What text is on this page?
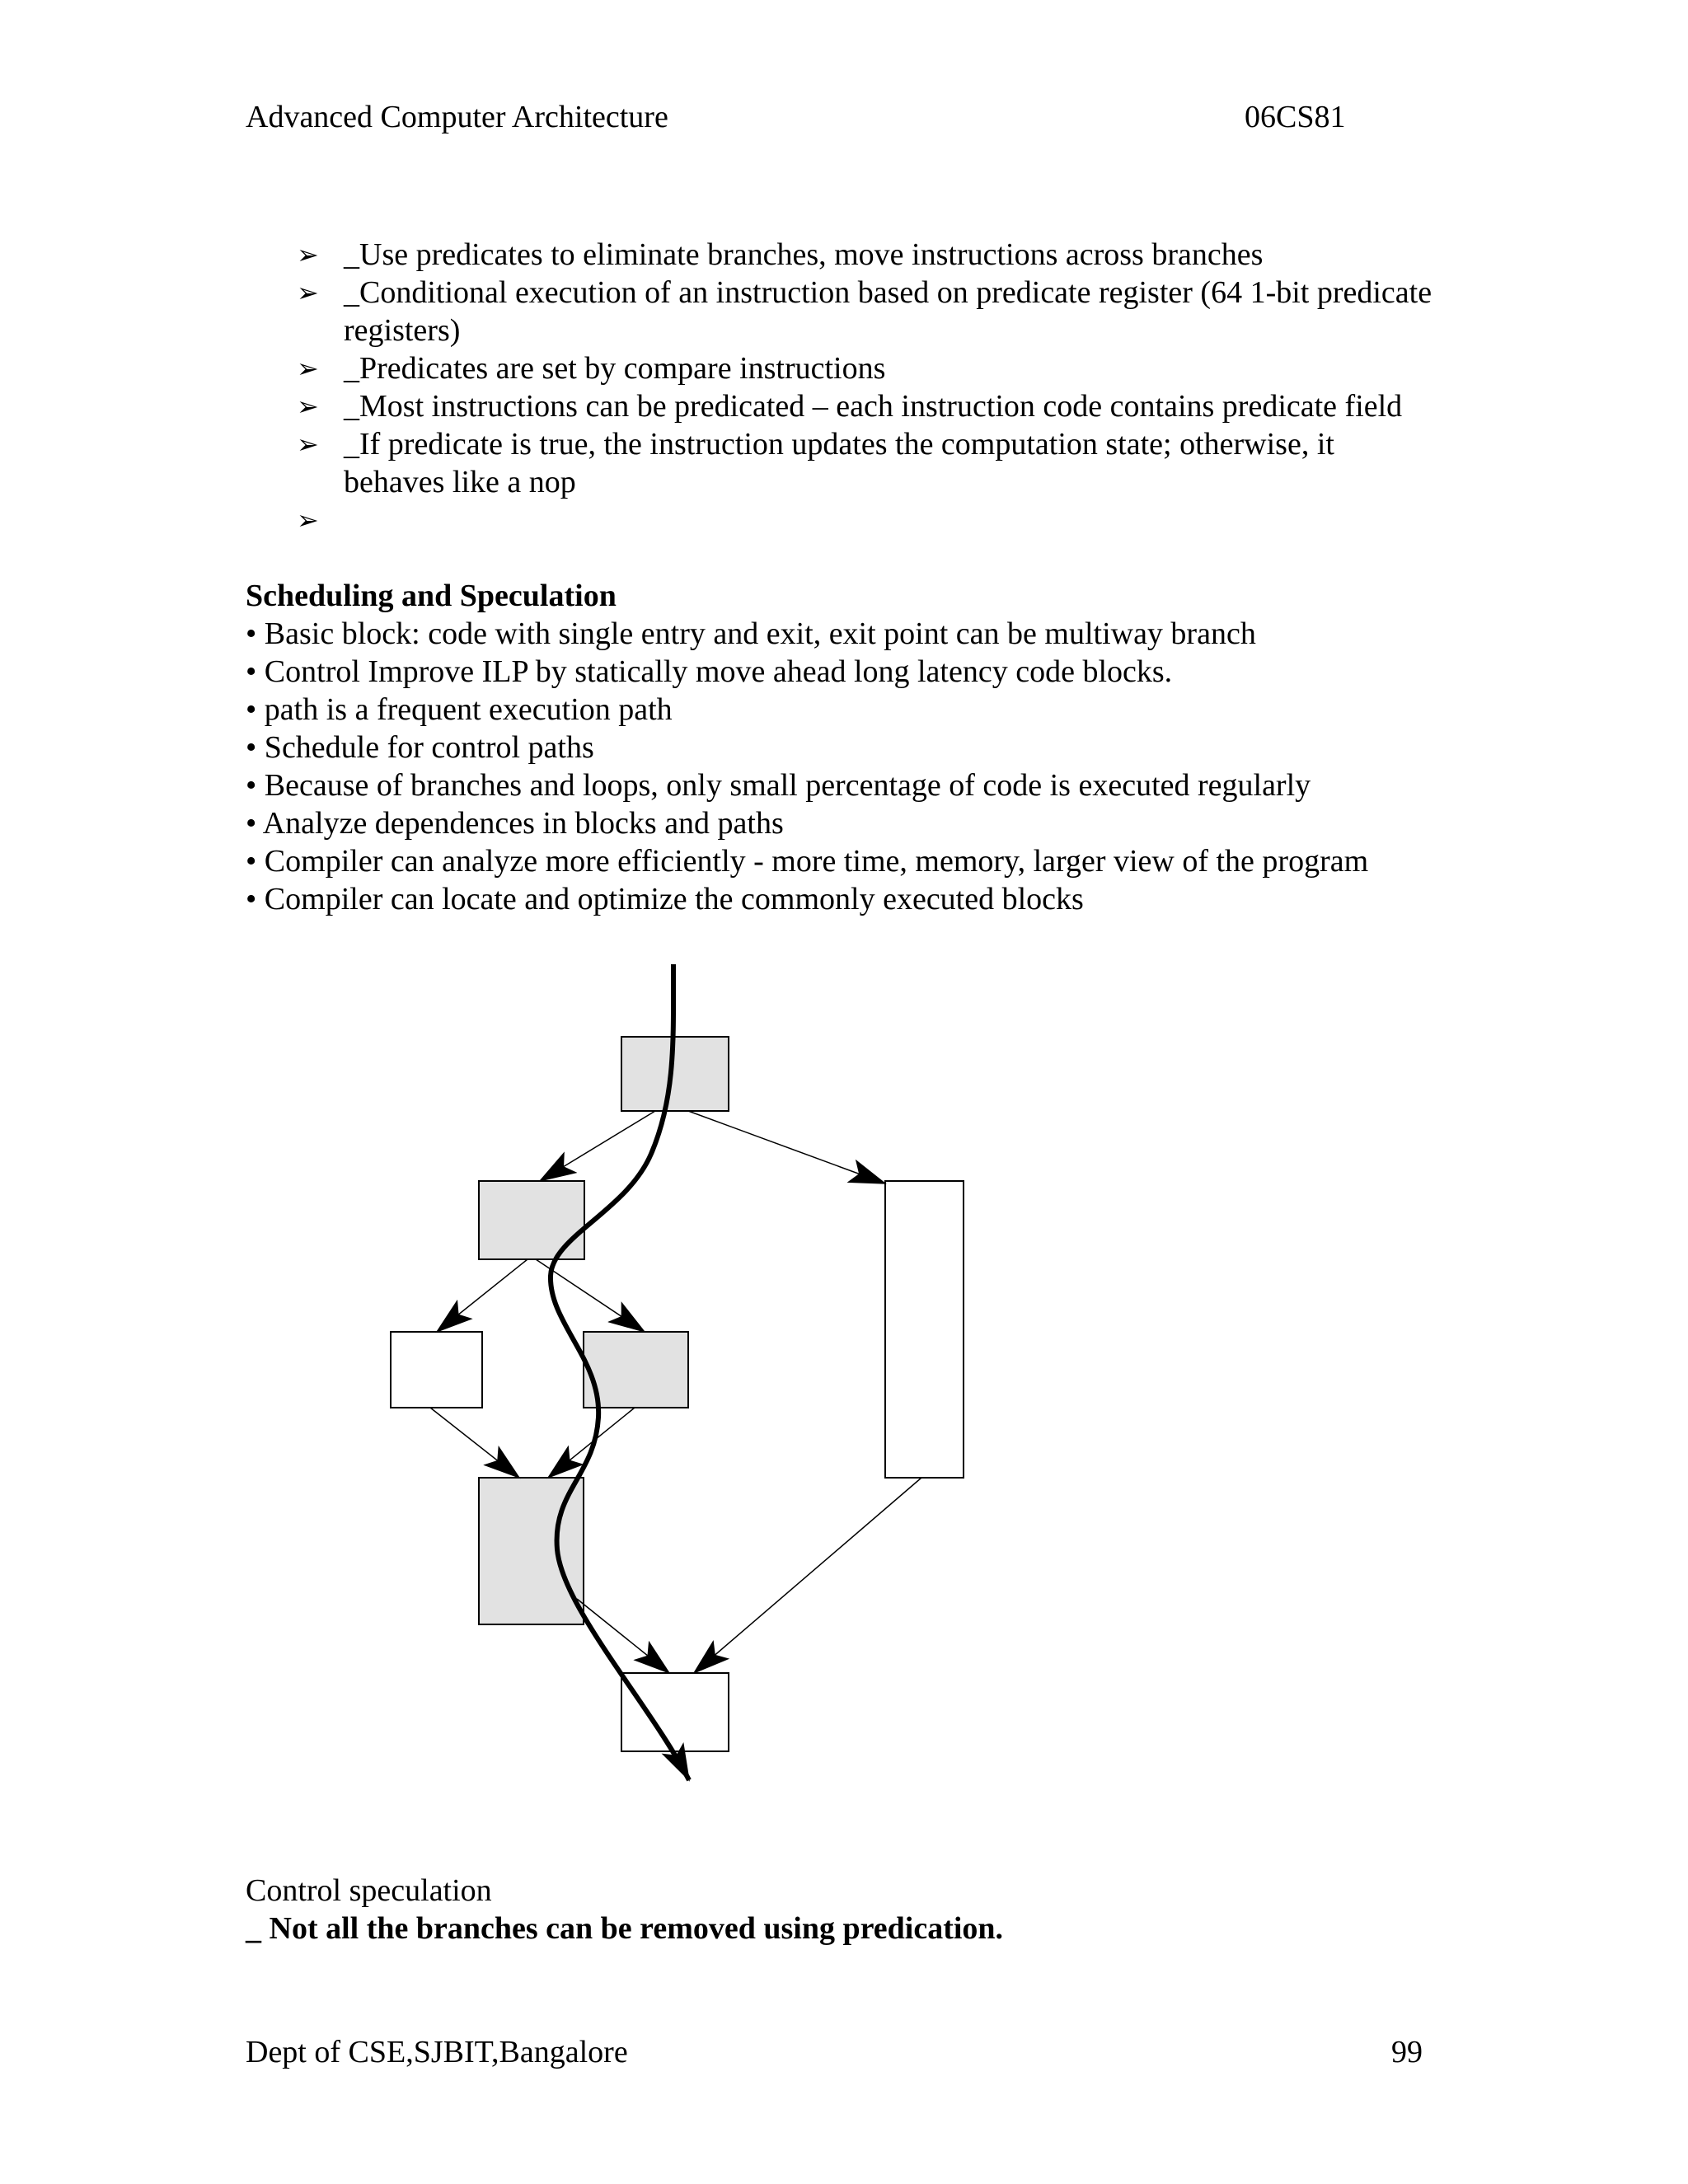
Advanced Computer Architecture	06CS81
➢ _Use predicates to eliminate branches, move instructions across branches
➢ _Conditional execution of an instruction based on predicate register (64 1-bit predicate registers)
➢ _Predicates are set by compare instructions
➢ _Most instructions can be predicated – each instruction code contains predicate field
➢ _If predicate is true, the instruction updates the computation state; otherwise, it behaves like a nop
➢
Scheduling and Speculation
• Basic block: code with single entry and exit, exit point can be multiway branch
• Control Improve ILP by statically move ahead long latency code blocks.
• path is a frequent execution path
• Schedule for control paths
• Because of branches and loops, only small percentage of code is executed regularly
• Analyze dependences in blocks and paths
• Compiler can analyze more efficiently - more time, memory, larger view of the program
• Compiler can locate and optimize the commonly executed blocks
Control speculation
_ Not all the branches can be removed using predication.
Dept of CSE,SJBIT,Bangalore	99
